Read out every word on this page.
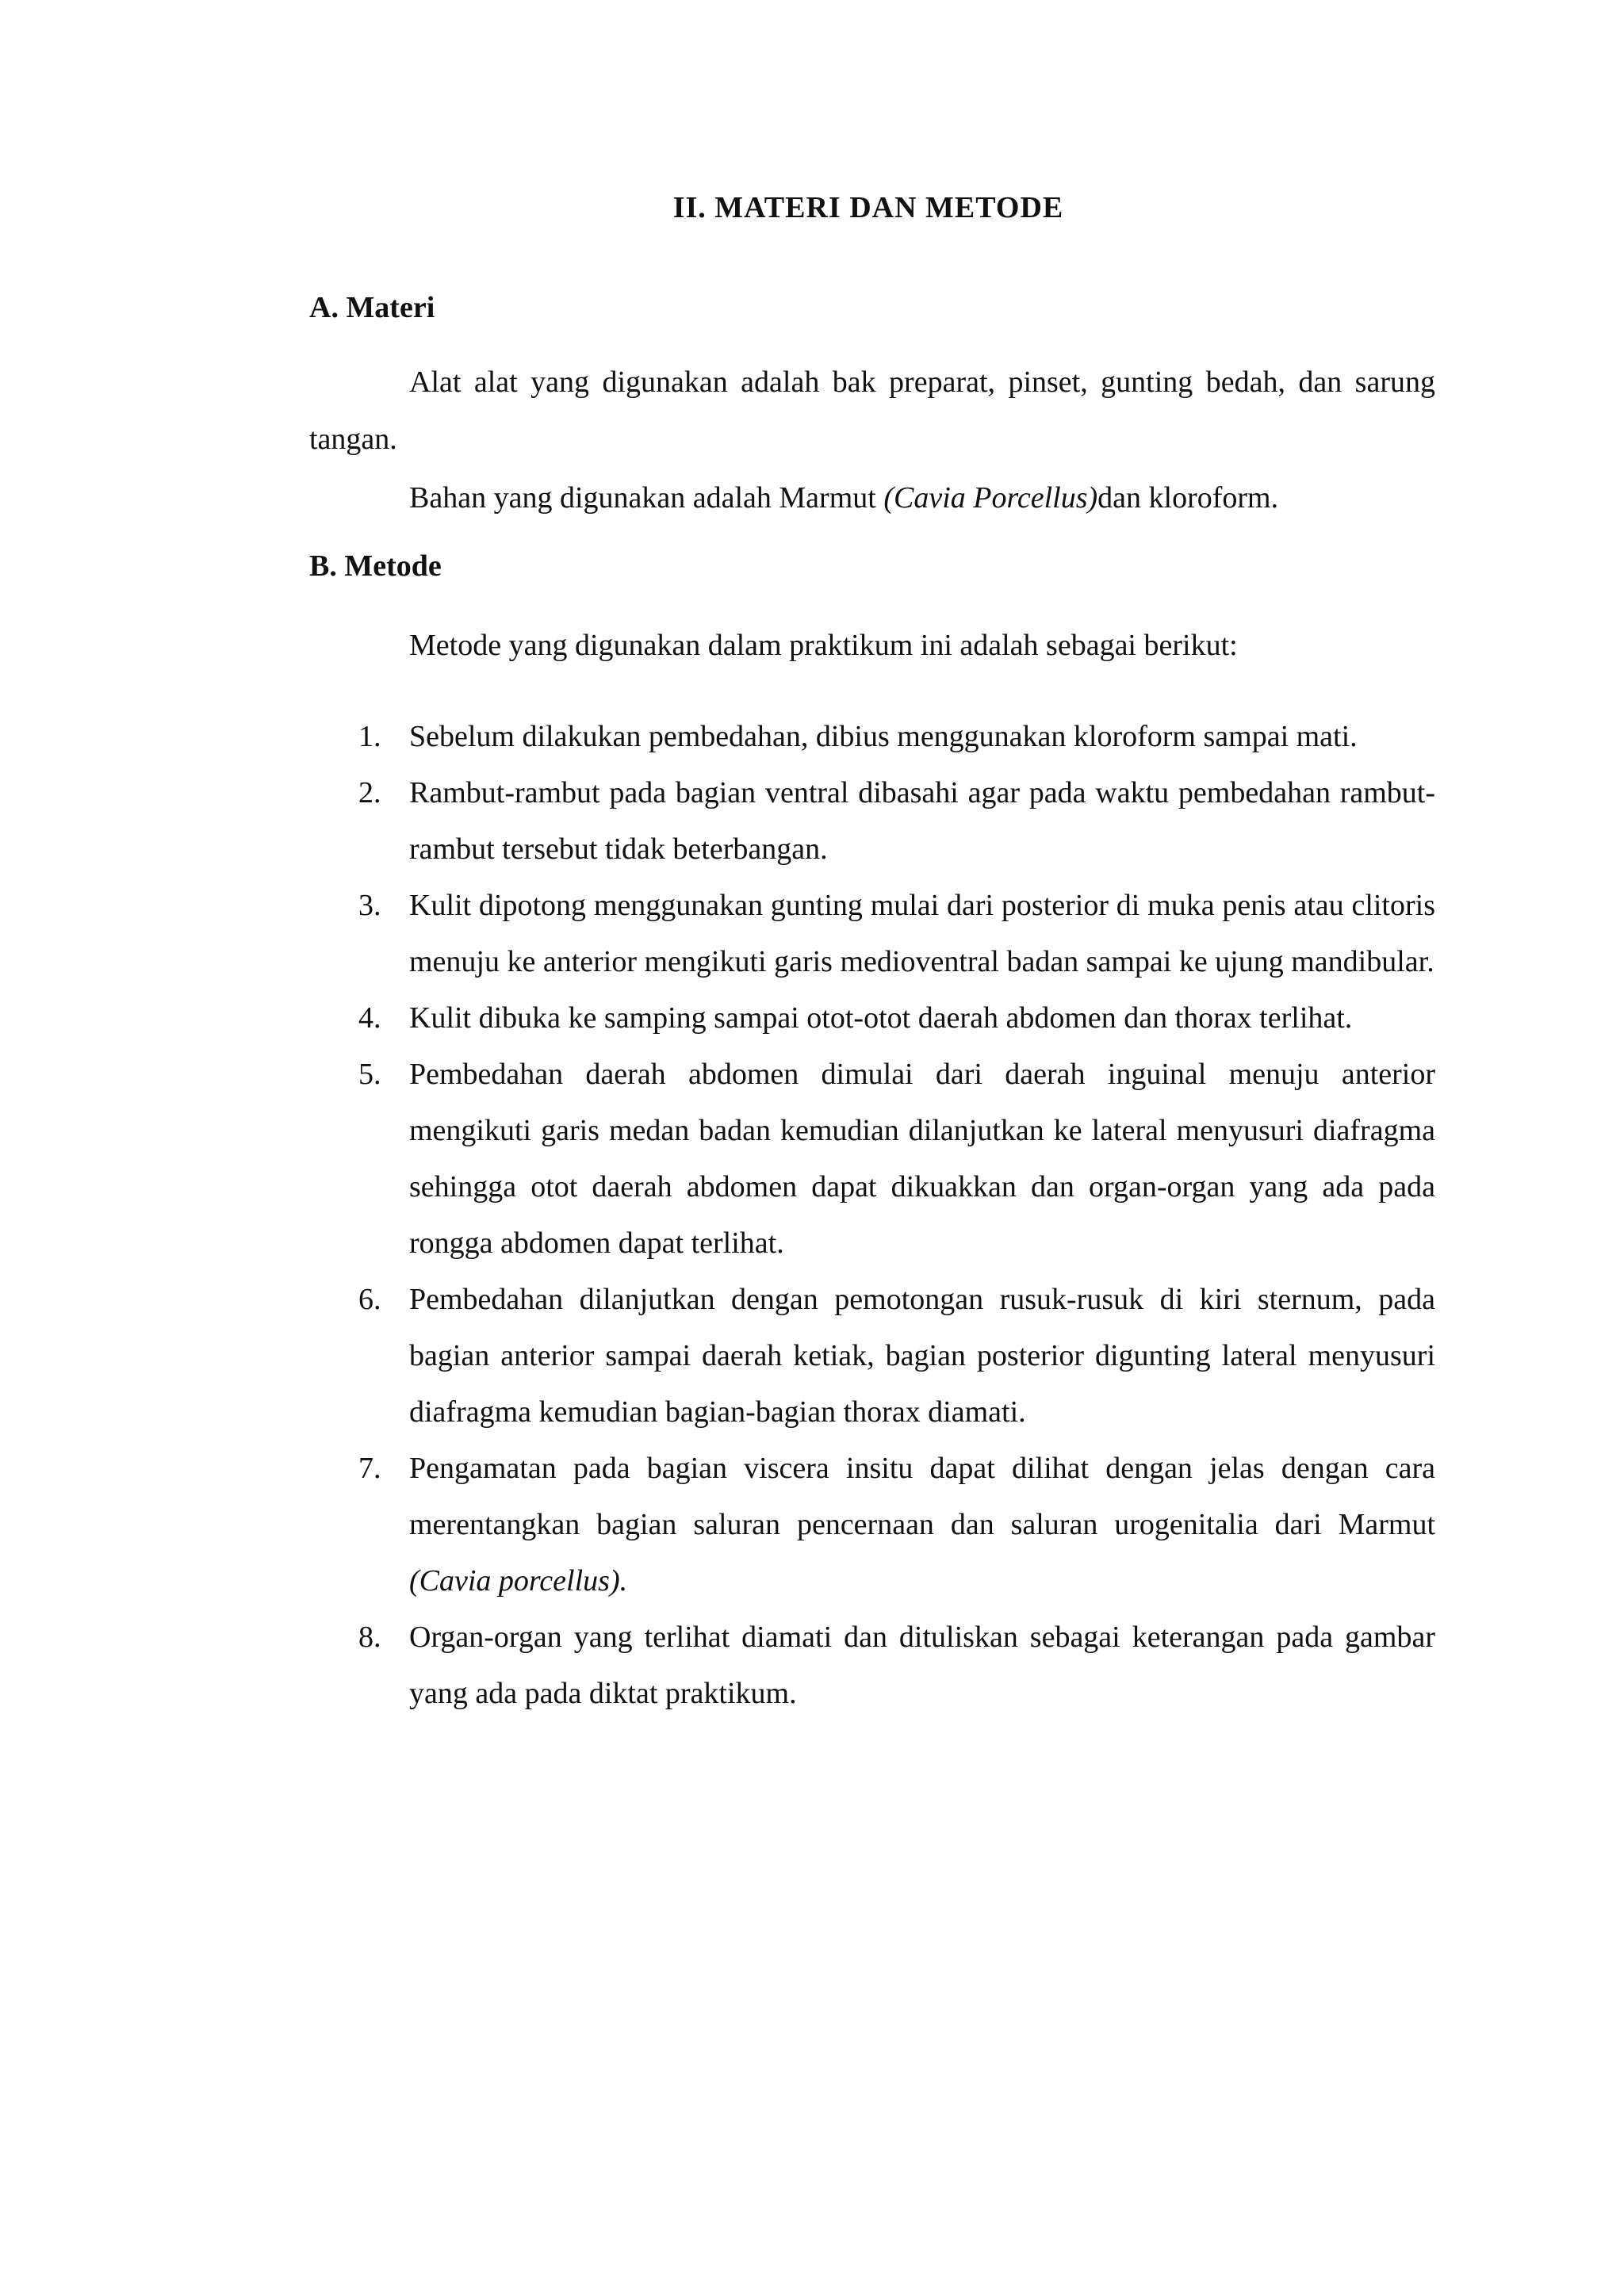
II. MATERI DAN METODE
A. Materi

Alat alat yang digunakan adalah bak preparat, pinset, gunting bedah, dan sarung tangan.

Bahan yang digunakan adalah Marmut (Cavia Porcellus)dan kloroform.

B. Metode

Metode yang digunakan dalam praktikum ini adalah sebagai berikut:

1. Sebelum dilakukan pembedahan, dibius menggunakan kloroform sampai mati.
2. Rambut-rambut pada bagian ventral dibasahi agar pada waktu pembedahan rambut-rambut tersebut tidak beterbangan.
3. Kulit dipotong menggunakan gunting mulai dari posterior di muka penis atau clitoris menuju ke anterior mengikuti garis medioventral badan sampai ke ujung mandibular.
4. Kulit dibuka ke samping sampai otot-otot daerah abdomen dan thorax terlihat.
5. Pembedahan daerah abdomen dimulai dari daerah inguinal menuju anterior mengikuti garis medan badan kemudian dilanjutkan ke lateral menyusuri diafragma sehingga otot daerah abdomen dapat dikuakkan dan organ-organ yang ada pada rongga abdomen dapat terlihat.
6. Pembedahan dilanjutkan dengan pemotongan rusuk-rusuk di kiri sternum, pada bagian anterior sampai daerah ketiak, bagian posterior digunting lateral menyusuri diafragma kemudian bagian-bagian thorax diamati.
7. Pengamatan pada bagian viscera insitu dapat dilihat dengan jelas dengan cara merentangkan bagian saluran pencernaan dan saluran urogenitalia dari Marmut (Cavia porcellus).
8. Organ-organ yang terlihat diamati dan dituliskan sebagai keterangan pada gambar yang ada pada diktat praktikum.
